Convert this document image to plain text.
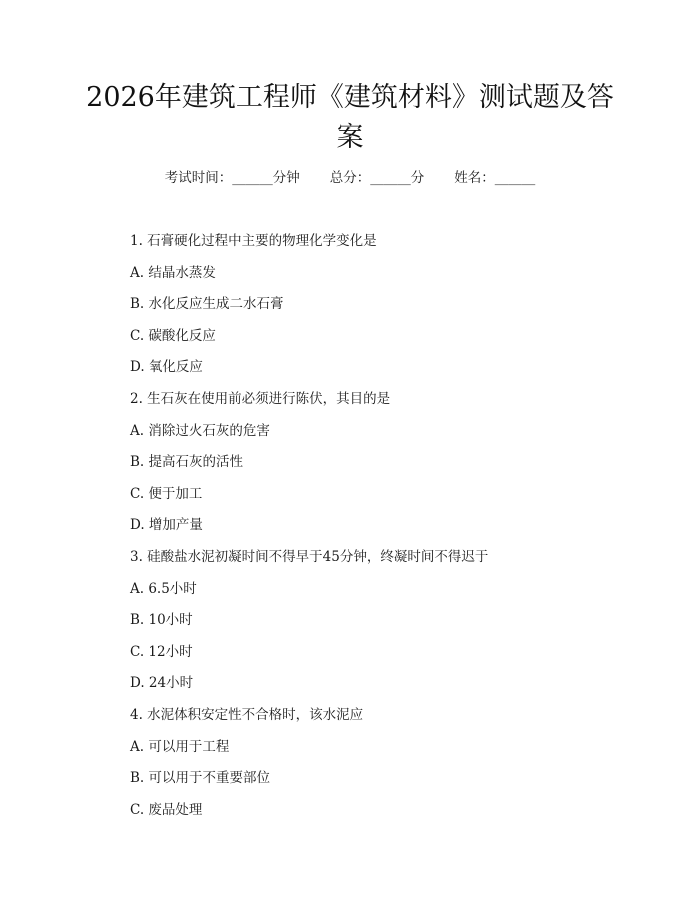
2026年建筑工程师《建筑材料》测试题及答
案
考试时间：______分钟 总分：______分 姓名：______
1. 石膏硬化过程中主要的物理化学变化是
A. 结晶水蒸发
B. 水化反应生成二水石膏
C. 碳酸化反应
D. 氧化反应
2. 生石灰在使用前必须进行陈伏，其目的是
A. 消除过火石灰的危害
B. 提高石灰的活性
C. 便于加工
D. 增加产量
3. 硅酸盐水泥初凝时间不得早于45分钟，终凝时间不得迟于
A. 6.5小时
B. 10小时
C. 12小时
D. 24小时
4. 水泥体积安定性不合格时，该水泥应
A. 可以用于工程
B. 可以用于不重要部位
C. 废品处理
